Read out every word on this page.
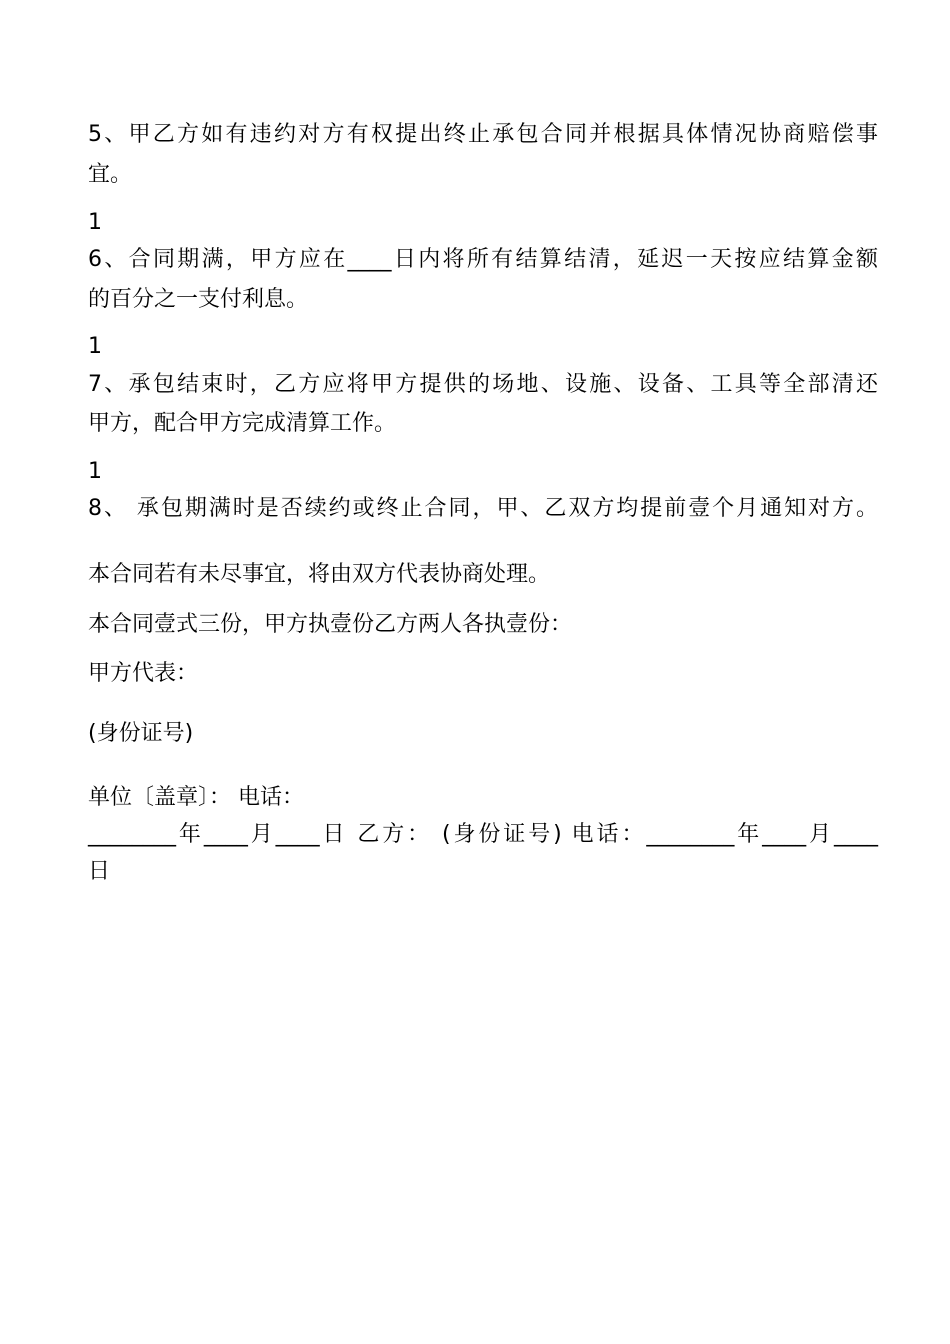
5、甲乙方如有违约对方有权提出终止承包合同并根据具体情况协商赔偿事
宜。
1
6、合同期满，甲方应在____日内将所有结算结清，延迟一天按应结算金额
的百分之一支付利息。
1
7、承包结束时，乙方应将甲方提供的场地、设施、设备、工具等全部清还
甲方，配合甲方完成清算工作。
1
8、 承包期满时是否续约或终止合同，甲、乙双方均提前壹个月通知对方。
本合同若有未尽事宜，将由双方代表协商处理。
本合同壹式三份，甲方执壹份乙方两人各执壹份：
甲方代表：
(身份证号)
单位〔盖章〕： 电话：
________年____月____日 乙方： (身份证号) 电话：________年____月____
日
